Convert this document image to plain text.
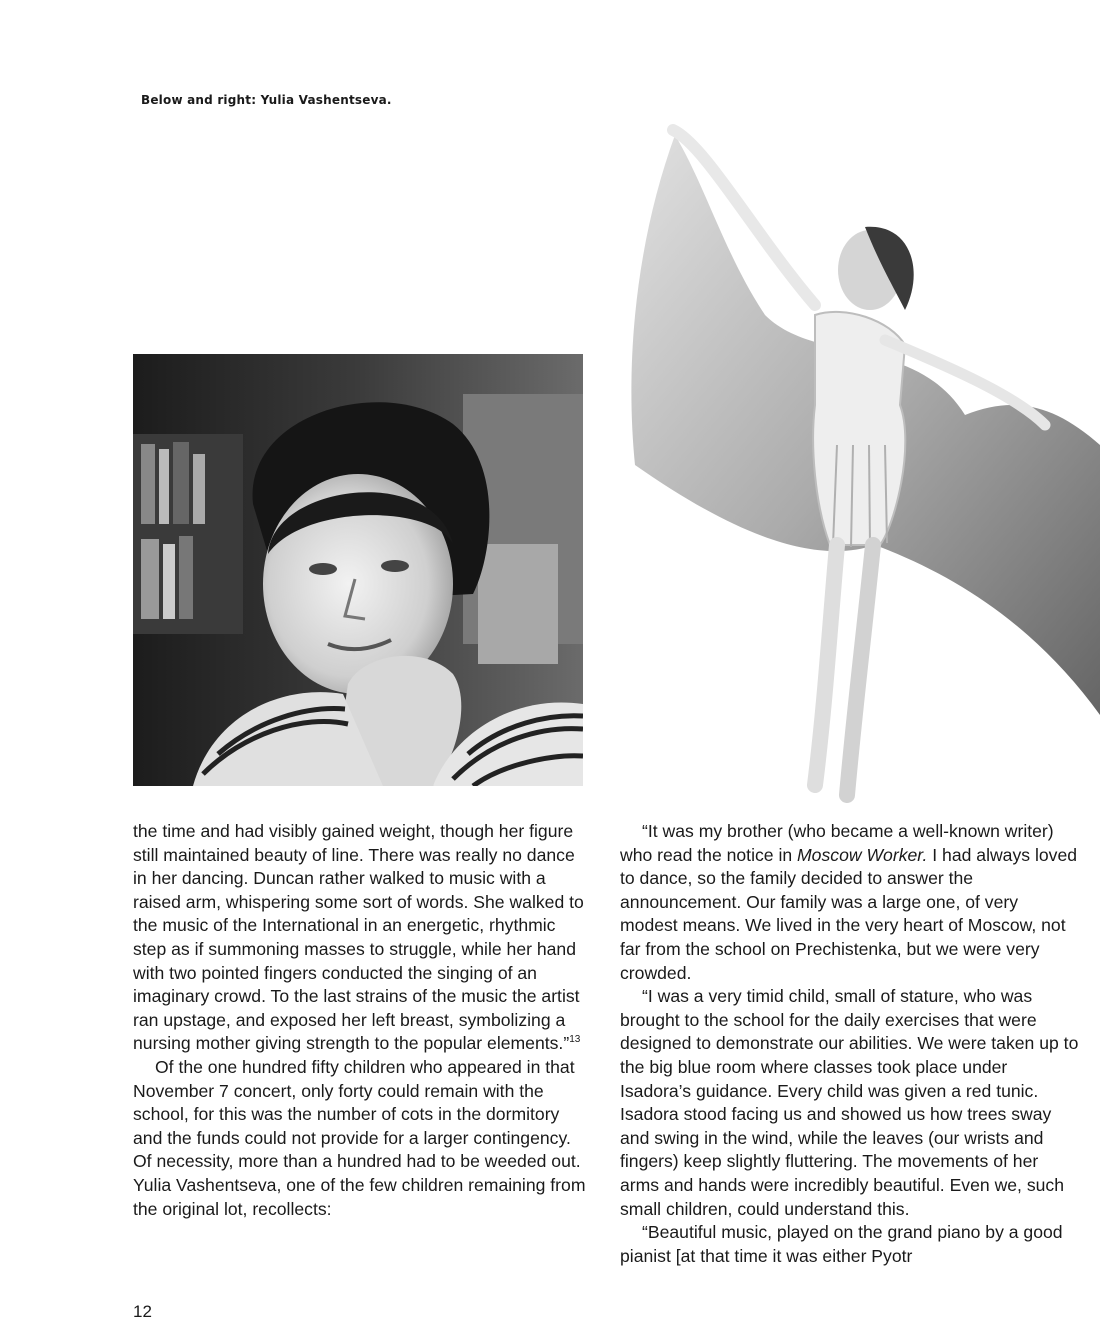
Below and right: Yulia Vashentseva.

the time and had visibly gained weight, though her figure still maintained beauty of line. There was really no dance in her dancing. Duncan rather walked to music with a raised arm, whispering some sort of words. She walked to the music of the International in an energetic, rhythmic step as if summoning masses to struggle, while her hand with two pointed fingers conducted the singing of an imaginary crowd. To the last strains of the music the artist ran upstage, and exposed her left breast, symbolizing a nursing mother giving strength to the popular elements.”$^{13}$

Of the one hundred fifty children who appeared in that November 7 concert, only forty could remain with the school, for this was the number of cots in the dormitory and the funds could not provide for a larger contingency. Of necessity, more than a hundred had to be weeded out. Yulia Vashentseva, one of the few children remaining from the original lot, recollects:

“It was my brother (who became a well-known writer) who read the notice in Moscow Worker. I had always loved to dance, so the family decided to answer the announcement. Our family was a large one, of very modest means. We lived in the very heart of Moscow, not far from the school on Prechistenka, but we were very crowded.

“I was a very timid child, small of stature, who was brought to the school for the daily exercises that were designed to demonstrate our abilities. We were taken up to the big blue room where classes took place under Isadora’s guidance. Every child was given a red tunic. Isadora stood facing us and showed us how trees sway and swing in the wind, while the leaves (our wrists and fingers) keep slightly fluttering. The movements of her arms and hands were incredibly beautiful. Even we, such small children, could understand this.

“Beautiful music, played on the grand piano by a good pianist [at that time it was either Pyotr

12
